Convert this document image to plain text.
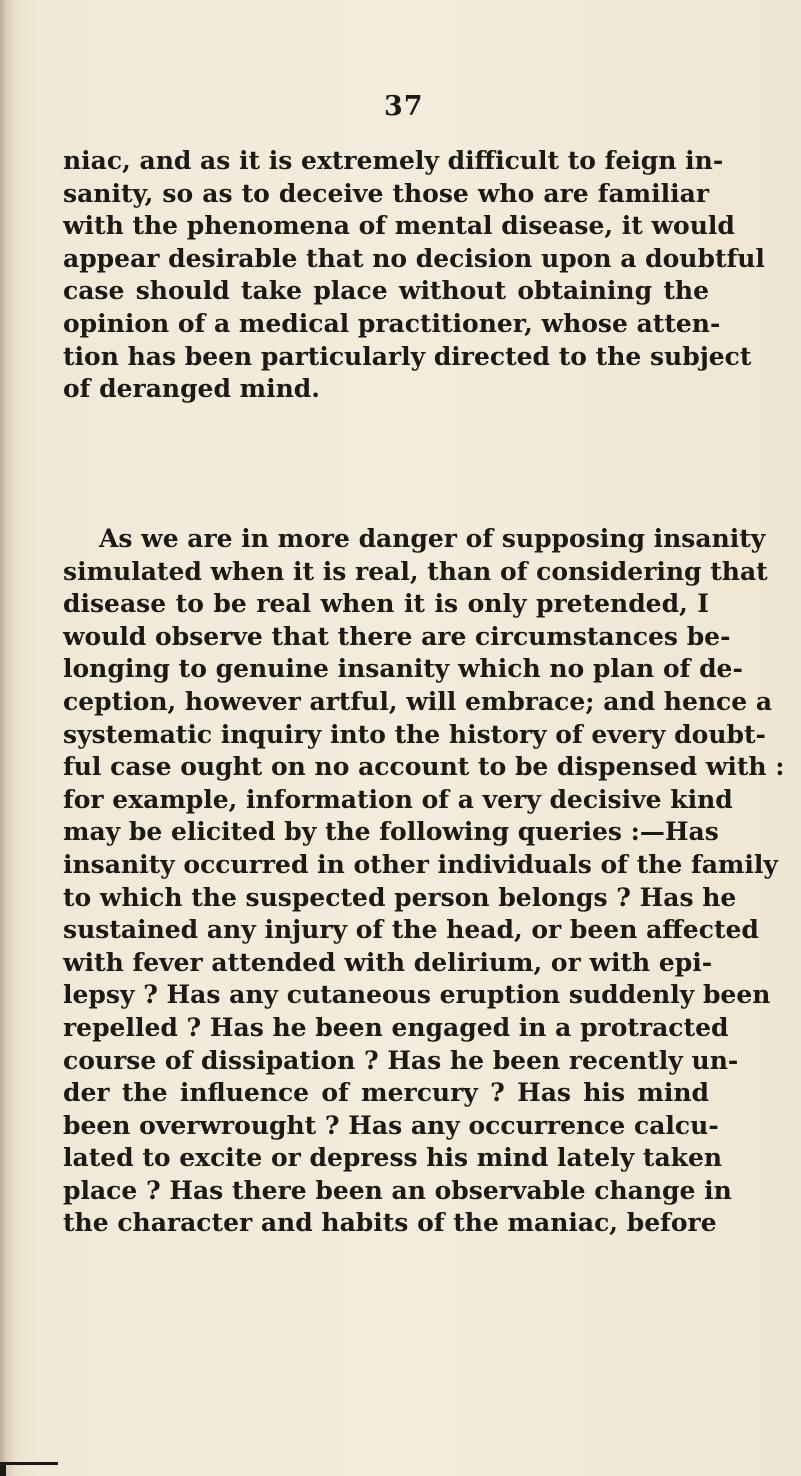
37
niac, and as it is extremely difficult to feign in-
sanity, so as to deceive those who are familiar
with the phenomena of mental disease, it would
appear desirable that no decision upon a doubtful
case should take place without obtaining the
opinion of a medical practitioner, whose atten-
tion has been particularly directed to the subject
of deranged mind.
As we are in more danger of supposing insanity
simulated when it is real, than of considering that
disease to be real when it is only pretended, I
would observe that there are circumstances be-
longing to genuine insanity which no plan of de-
ception, however artful, will embrace; and hence a
systematic inquiry into the history of every doubt-
ful case ought on no account to be dispensed with :
for example, information of a very decisive kind
may be elicited by the following queries :—Has
insanity occurred in other individuals of the family
to which the suspected person belongs ? Has he
sustained any injury of the head, or been affected
with fever attended with delirium, or with epi-
lepsy ? Has any cutaneous eruption suddenly been
repelled ? Has he been engaged in a protracted
course of dissipation ? Has he been recently un-
der the influence of mercury ? Has his mind
been overwrought ? Has any occurrence calcu-
lated to excite or depress his mind lately taken
place ? Has there been an observable change in
the character and habits of the maniac, before
